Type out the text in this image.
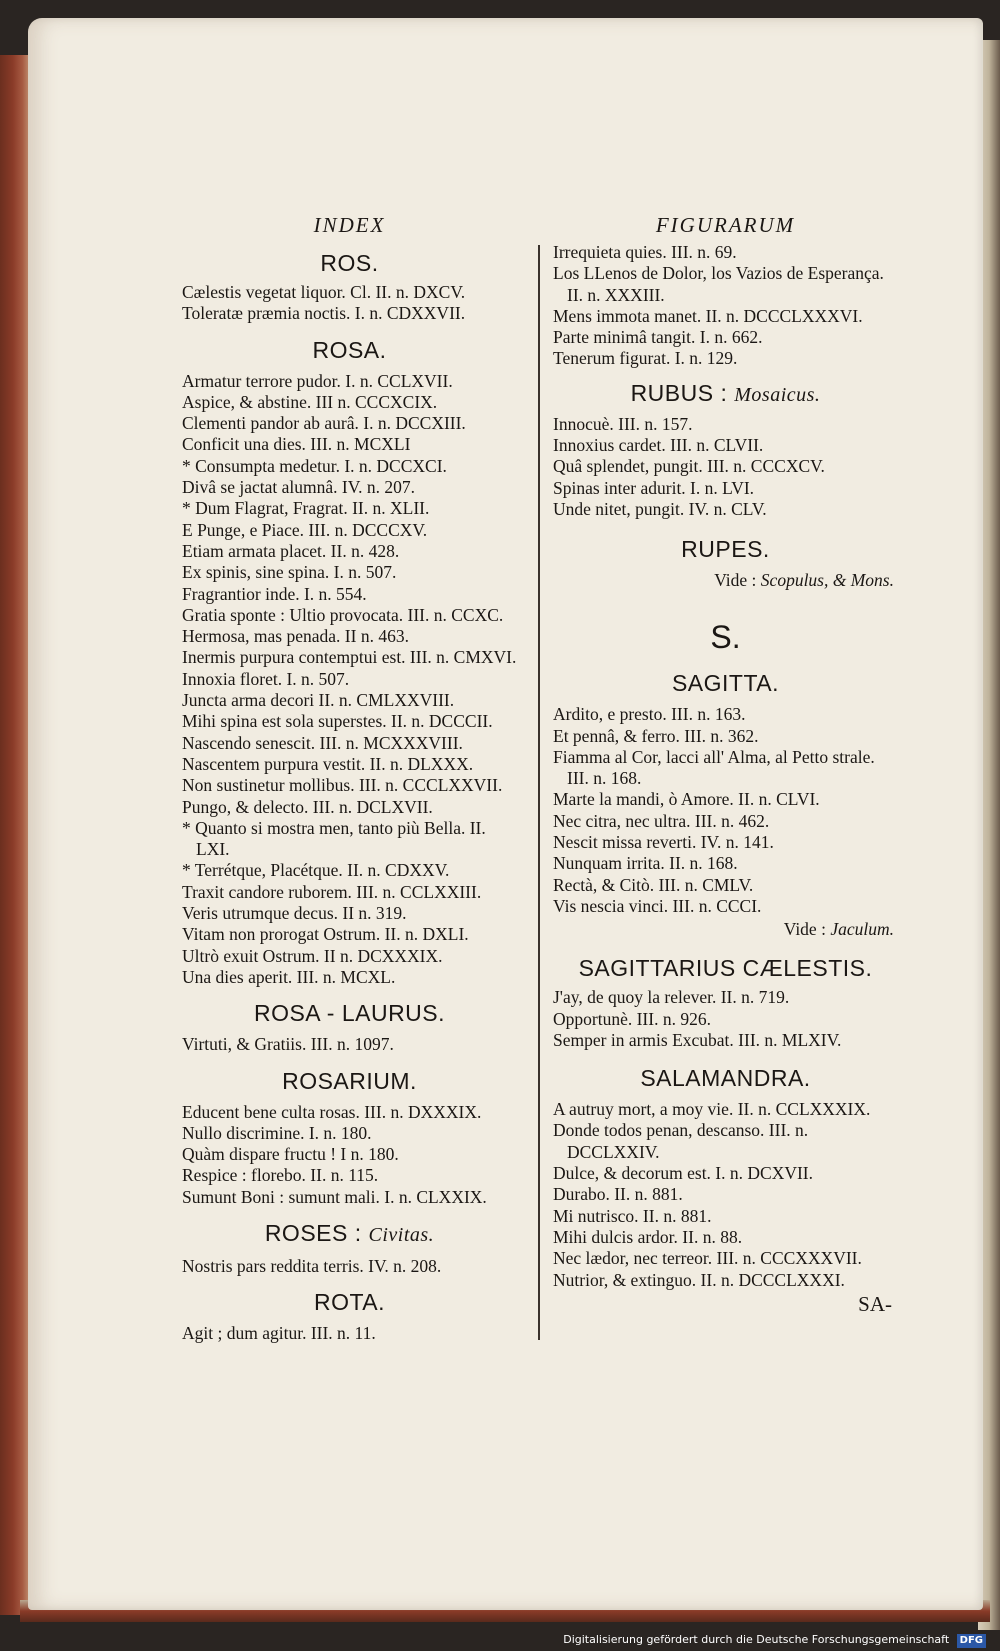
INDEX
ROS.

Cælestis vegetat liquor. Cl. II. n. DXCV.

Toleratæ præmia noctis. I. n. CDXXVII.

ROSA.

Armatur terrore pudor. I. n. CCLXVII.

Aspice, & abstine. III n. CCCXCIX.

Clementi pandor ab aurâ. I. n. DCCXIII.

Conficit una dies. III. n. MCXLI

* Consumpta medetur. I. n. DCCXCI.

Divâ se jactat alumnâ. IV. n. 207.

* Dum Flagrat, Fragrat. II. n. XLII.

E Punge, e Piace. III. n. DCCCXV.

Etiam armata placet. II. n. 428.

Ex spinis, sine spina. I. n. 507.

Fragrantior inde. I. n. 554.

Gratia sponte : Ultio provocata. III. n. CCXC.

Hermosa, mas penada. II n. 463.

Inermis purpura contemptui est. III. n. CMXVI.

Innoxia floret. I. n. 507.

Juncta arma decori II. n. CMLXXVIII.

Mihi spina est sola superstes. II. n. DCCCII.

Nascendo senescit. III. n. MCXXXVIII.

Nascentem purpura vestit. II. n. DLXXX.

Non sustinetur mollibus. III. n. CCCLXXVII.

Pungo, & delecto. III. n. DCLXVII.

* Quanto si mostra men, tanto più Bella. II. LXI.

* Terrétque, Placétque. II. n. CDXXV.

Traxit candore ruborem. III. n. CCLXXIII.

Veris utrumque decus. II n. 319.

Vitam non prorogat Ostrum. II. n. DXLI.

Ultrò exuit Ostrum. II n. DCXXXIX.

Una dies aperit. III. n. MCXL.

ROSA - LAURUS.

Virtuti, & Gratiis. III. n. 1097.

ROSARIUM.

Educent bene culta rosas. III. n. DXXXIX.

Nullo discrimine. I. n. 180.

Quàm dispare fructu ! I n. 180.

Respice : florebo. II. n. 115.

Sumunt Boni : sumunt mali. I. n. CLXXIX.

ROSES : Civitas.

Nostris pars reddita terris. IV. n. 208.

ROTA.

Agit ; dum agitur. III. n. 11.

FIGURARUM

Irrequieta quies. III. n. 69.

Los LLenos de Dolor, los Vazios de Esperança. II. n. XXXIII.

Mens immota manet. II. n. DCCCLXXXVI.

Parte minimâ tangit. I. n. 662.

Tenerum figurat. I. n. 129.

RUBUS : Mosaicus.

Innocuè. III. n. 157.

Innoxius cardet. III. n. CLVII.

Quâ splendet, pungit. III. n. CCCXCV.

Spinas inter adurit. I. n. LVI.

Unde nitet, pungit. IV. n. CLV.

RUPES.
Vide : Scopulus, & Mons.
S.
SAGITTA.

Ardito, e presto. III. n. 163.

Et pennâ, & ferro. III. n. 362.

Fiamma al Cor, lacci all' Alma, al Petto strale. III. n. 168.

Marte la mandi, ò Amore. II. n. CLVI.

Nec citra, nec ultra. III. n. 462.

Nescit missa reverti. IV. n. 141.

Nunquam irrita. II. n. 168.

Rectà, & Citò. III. n. CMLV.

Vis nescia vinci. III. n. CCCI.

Vide : Jaculum.
SAGITTARIUS CÆLESTIS.

J'ay, de quoy la relever. II. n. 719.

Opportunè. III. n. 926.

Semper in armis Excubat. III. n. MLXIV.

SALAMANDRA.

A autruy mort, a moy vie. II. n. CCLXXXIX.

Donde todos penan, descanso. III. n. DCCLXXIV.

Dulce, & decorum est. I. n. DCXVII.

Durabo. II. n. 881.

Mi nutrisco. II. n. 881.

Mihi dulcis ardor. II. n. 88.

Nec lædor, nec terreor. III. n. CCCXXXVII.

Nutrior, & extinguo. II. n. DCCCLXXXI.

SA-
Digitalisierung gefördert durch die Deutsche Forschungsgemeinschaft DFG
